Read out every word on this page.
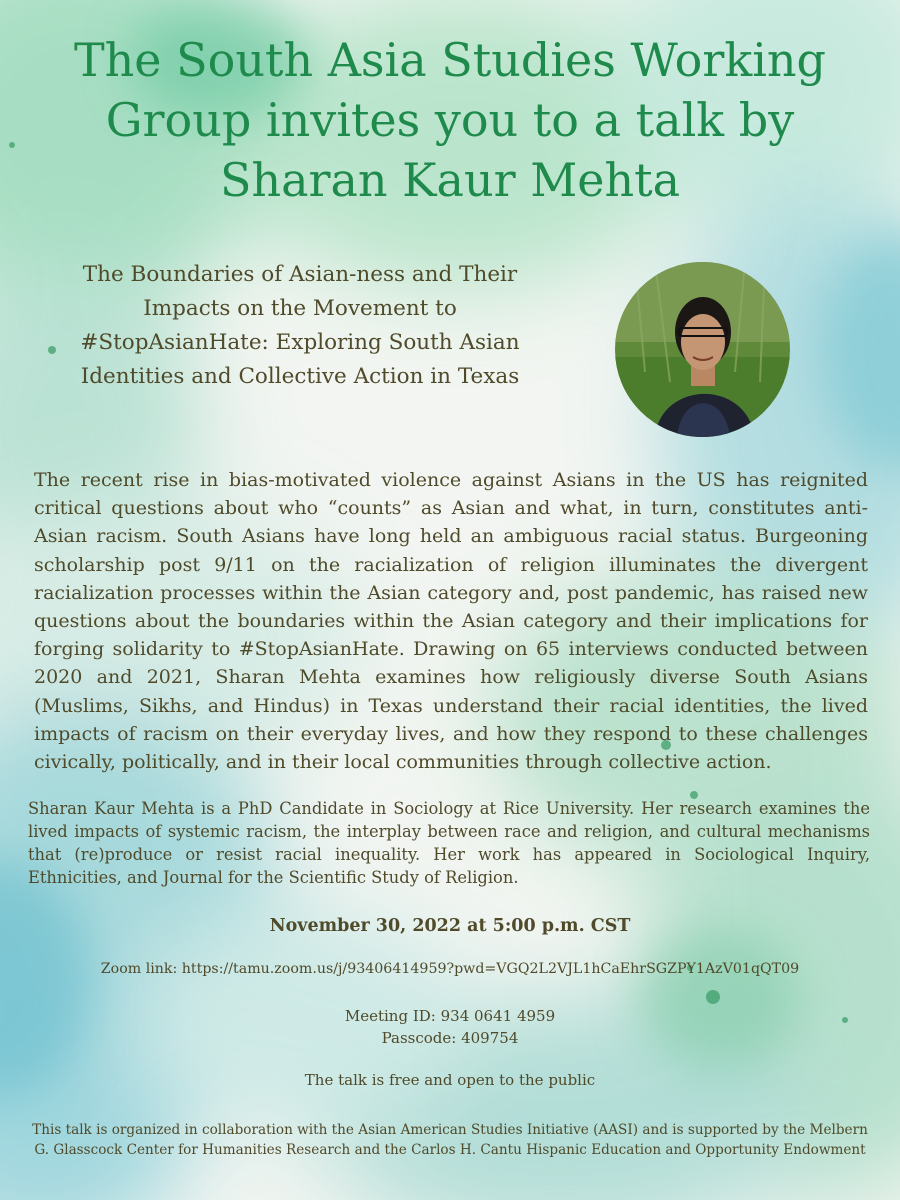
The South Asia Studies Working Group invites you to a talk by Sharan Kaur Mehta
The Boundaries of Asian-ness and Their Impacts on the Movement to #StopAsianHate: Exploring South Asian Identities and Collective Action in Texas

The recent rise in bias-motivated violence against Asians in the US has reignited critical questions about who “counts” as Asian and what, in turn, constitutes anti-Asian racism. South Asians have long held an ambiguous racial status. Burgeoning scholarship post 9/11 on the racialization of religion illuminates the divergent racialization processes within the Asian category and, post pandemic, has raised new questions about the boundaries within the Asian category and their implications for forging solidarity to #StopAsianHate. Drawing on 65 interviews conducted between 2020 and 2021, Sharan Mehta examines how religiously diverse South Asians (Muslims, Sikhs, and Hindus) in Texas understand their racial identities, the lived impacts of racism on their everyday lives, and how they respond to these challenges civically, politically, and in their local communities through collective action.

Sharan Kaur Mehta is a PhD Candidate in Sociology at Rice University. Her research examines the lived impacts of systemic racism, the interplay between race and religion, and cultural mechanisms that (re)produce or resist racial inequality. Her work has appeared in Sociological Inquiry, Ethnicities, and Journal for the Scientific Study of Religion.

November 30, 2022 at 5:00 p.m. CST
Zoom link: https://tamu.zoom.us/j/93406414959?pwd=VGQ2L2VJL1hCaEhrSGZPY1AzV01qQT09
Meeting ID: 934 0641 4959
Passcode: 409754
The talk is free and open to the public

This talk is organized in collaboration with the Asian American Studies Initiative (AASI) and is supported by the Melbern G. Glasscock Center for Humanities Research and the Carlos H. Cantu Hispanic Education and Opportunity Endowment
